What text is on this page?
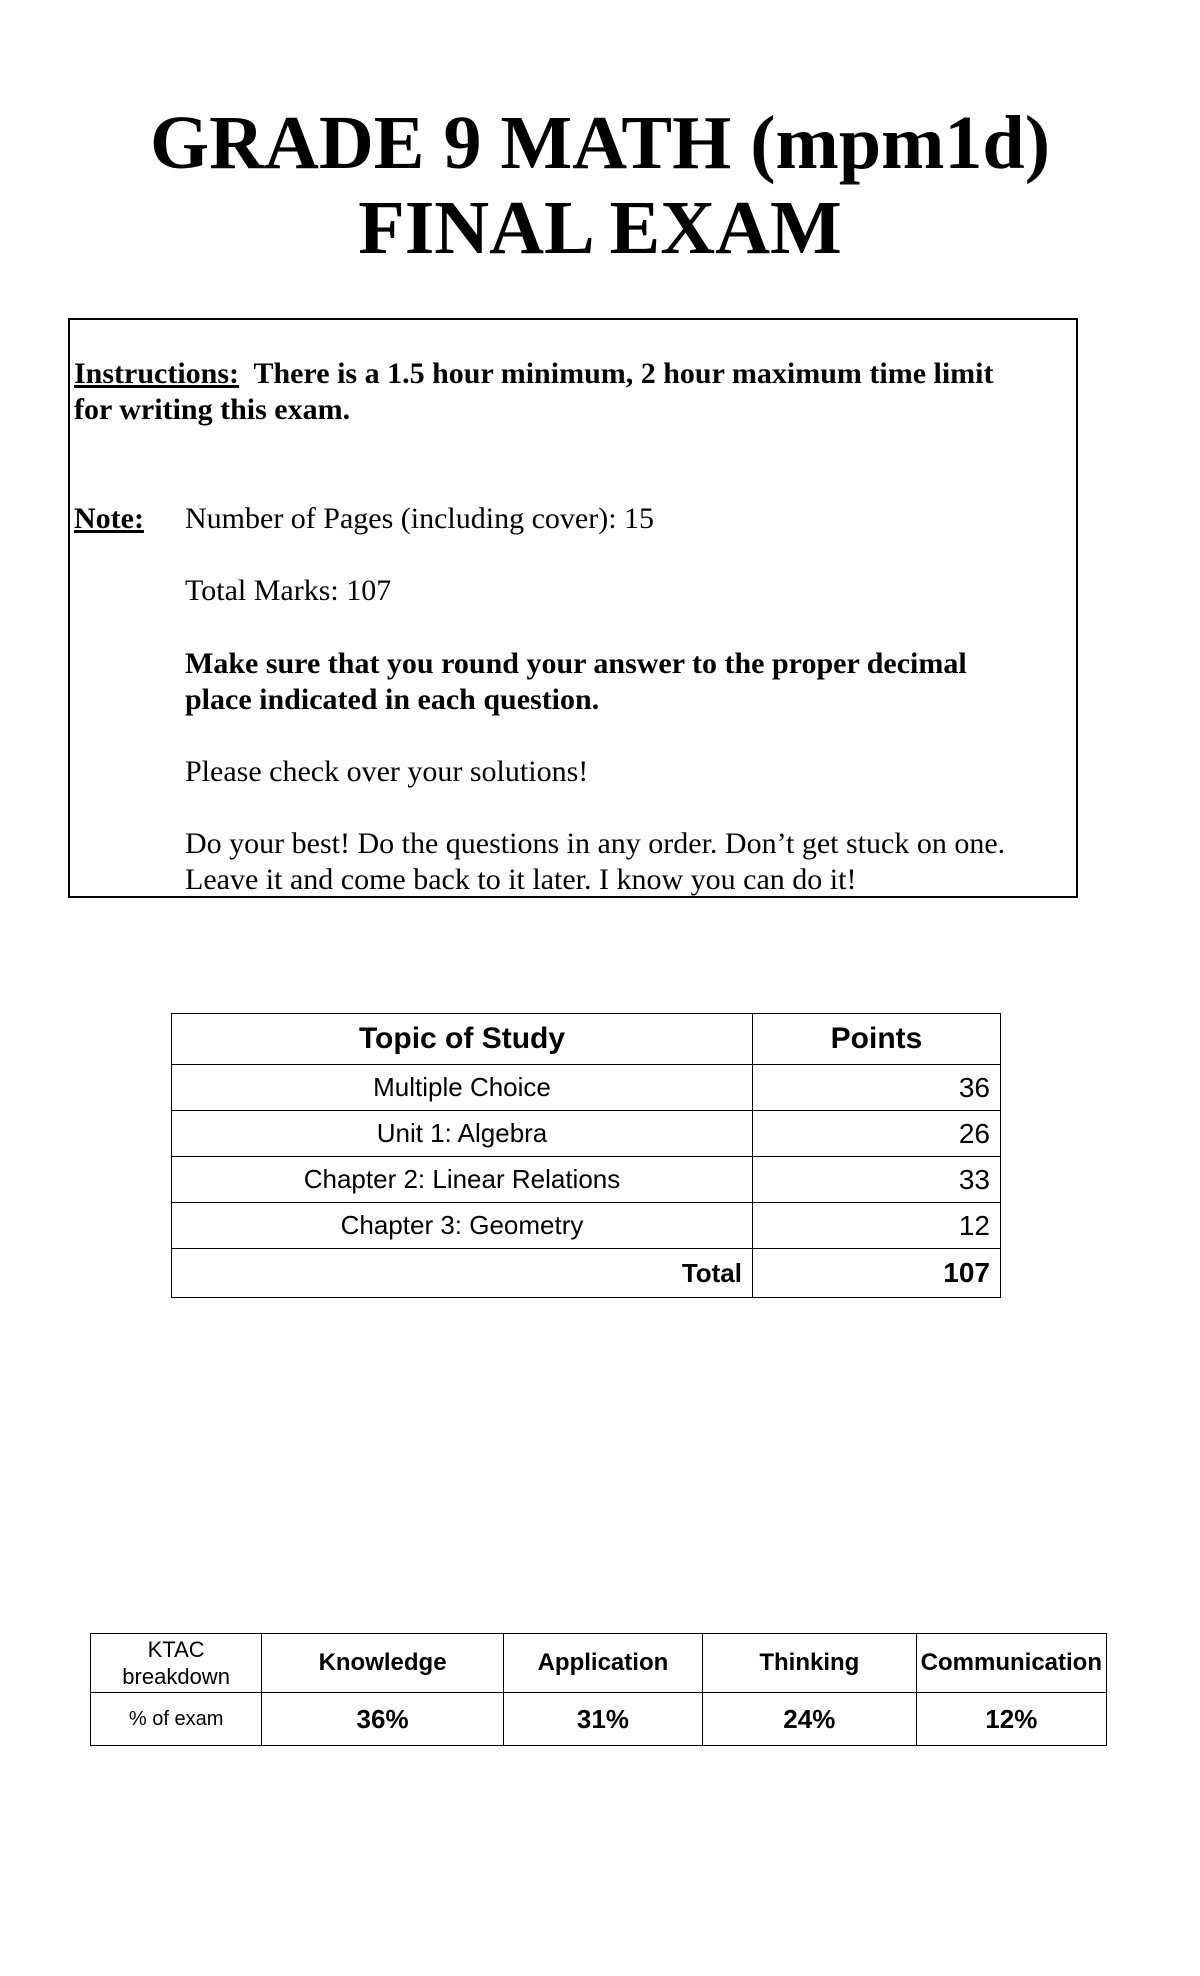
GRADE 9 MATH (mpm1d)
FINAL EXAM
Instructions: There is a 1.5 hour minimum, 2 hour maximum time limit
for writing this exam.
Note: Number of Pages (including cover): 15
Total Marks: 107
Make sure that you round your answer to the proper decimal
place indicated in each question.
Please check over your solutions!
Do your best! Do the questions in any order. Don’t get stuck on one.
Leave it and come back to it later. I know you can do it!
Topic of Study	Points
Multiple Choice	36
Unit 1: Algebra	26
Chapter 2: Linear Relations	33
Chapter 3: Geometry	12
Total	107
KTAC
breakdown	Knowledge	Application	Thinking	Communication
% of exam	36%	31%	24%	12%
